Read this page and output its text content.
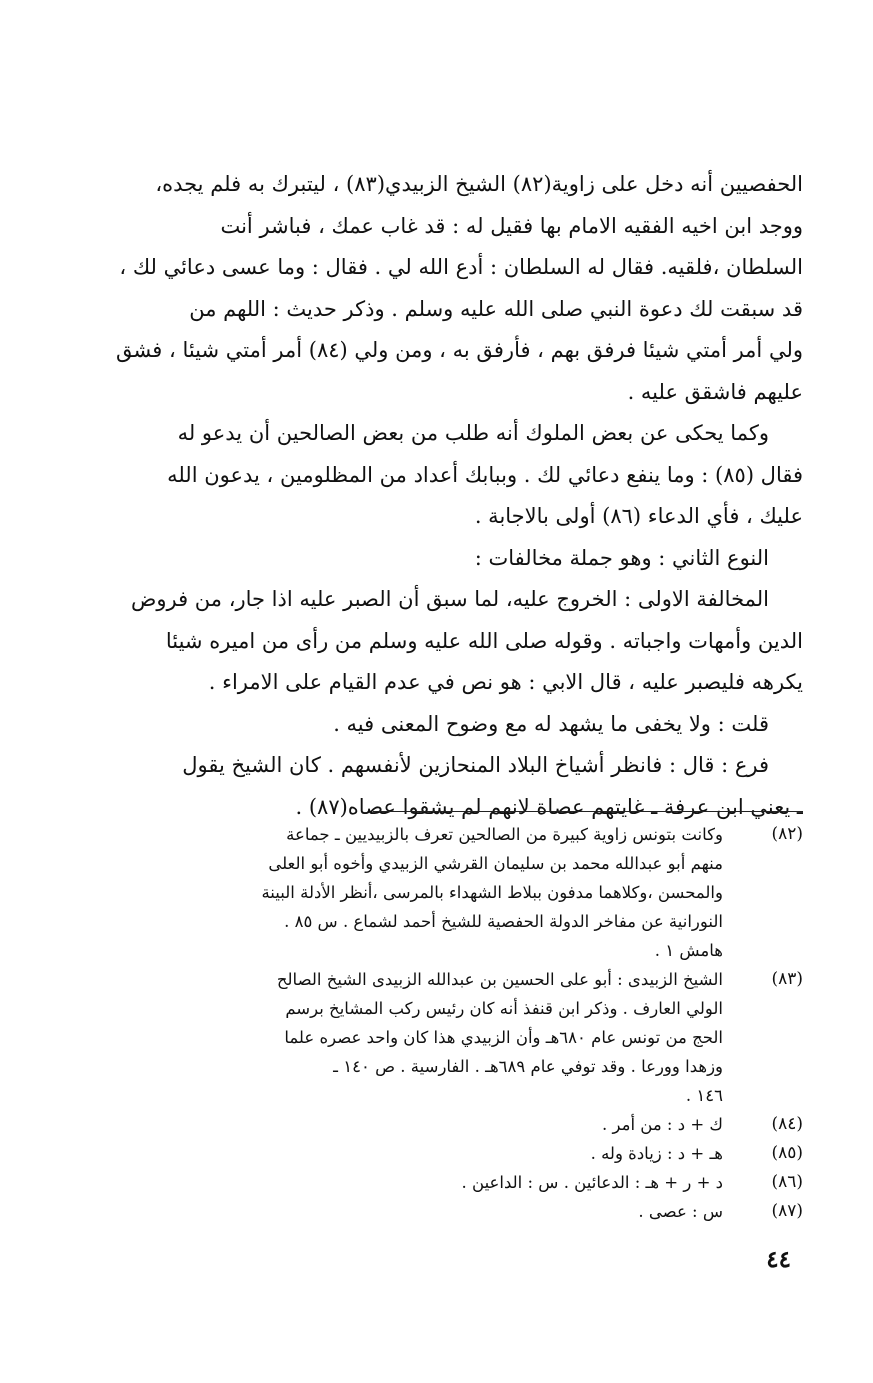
الحفصيين أنه دخل على زاوية(٨٢) الشيخ الزبيدي(٨٣) ، ليتبرك به فلم يجده،
ووجد ابن اخيه الفقيه الامام بها فقيل له : قد غاب عمك ، فباشر أنت
السلطان ،فلقيه. فقال له السلطان : أدع الله لي . فقال : وما عسى دعائي لك ،
قد سبقت لك دعوة النبي صلى الله عليه وسلم . وذكر حديث : اللهم من
ولي أمر أمتي شيئا فرفق بهم ، فأرفق به ، ومن ولي (٨٤) أمر أمتي شيئا ، فشق
عليهم فاشقق عليه .
وكما يحكى عن بعض الملوك أنه طلب من بعض الصالحين أن يدعو له
فقال (٨٥) : وما ينفع دعائي لك . وببابك أعداد من المظلومين ، يدعون الله
عليك ، فأي الدعاء (٨٦) أولى بالاجابة .
النوع الثاني : وهو جملة مخالفات :
المخالفة الاولى : الخروج عليه، لما سبق أن الصبر عليه اذا جار، من فروض
الدين وأمهات واجباته . وقوله صلى الله عليه وسلم من رأى من اميره شيئا
يكرهه فليصبر عليه ، قال الابي : هو نص في عدم القيام على الامراء .
قلت : ولا يخفى ما يشهد له مع وضوح المعنى فيه .
فرع : قال : فانظر أشياخ البلاد المنحازين لأنفسهم . كان الشيخ يقول
ـ يعني ابن عرفة ـ غايتهم عصاة لانهم لم يشقوا عصاه(٨٧) .
(٨٢)
وكانت بتونس زاوية كبيرة من الصالحين تعرف بالزبيديين ـ جماعة
منهم أبو عبدالله محمد بن سليمان القرشي الزبيدي وأخوه أبو العلى
والمحسن ،وكلاهما مدفون ببلاط الشهداء بالمرسى ،أنظر الأدلة البينة
النورانية عن مفاخر الدولة الحفصية للشيخ أحمد لشماع . س ٨٥ .
هامش ١ .
(٨٣)
الشيخ الزبيدى : أبو على الحسين بن عبدالله الزبيدى الشيخ الصالح
الولي العارف . وذكر ابن قنفذ أنه كان رئيس ركب المشايخ برسم
الحج من تونس عام ٦٨٠هـ وأن الزبيدي هذا كان واحد عصره علما
وزهدا وورعا . وقد توفي عام ٦٨٩هـ . الفارسية . ص ١٤٠ ـ
١٤٦ .
(٨٤)
ك + د : من أمر .
(٨٥)
هـ + د : زيادة وله .
(٨٦)
د + ر + هـ : الدعائين . س : الداعين .
(٨٧)
س : عصى .
٤٤
